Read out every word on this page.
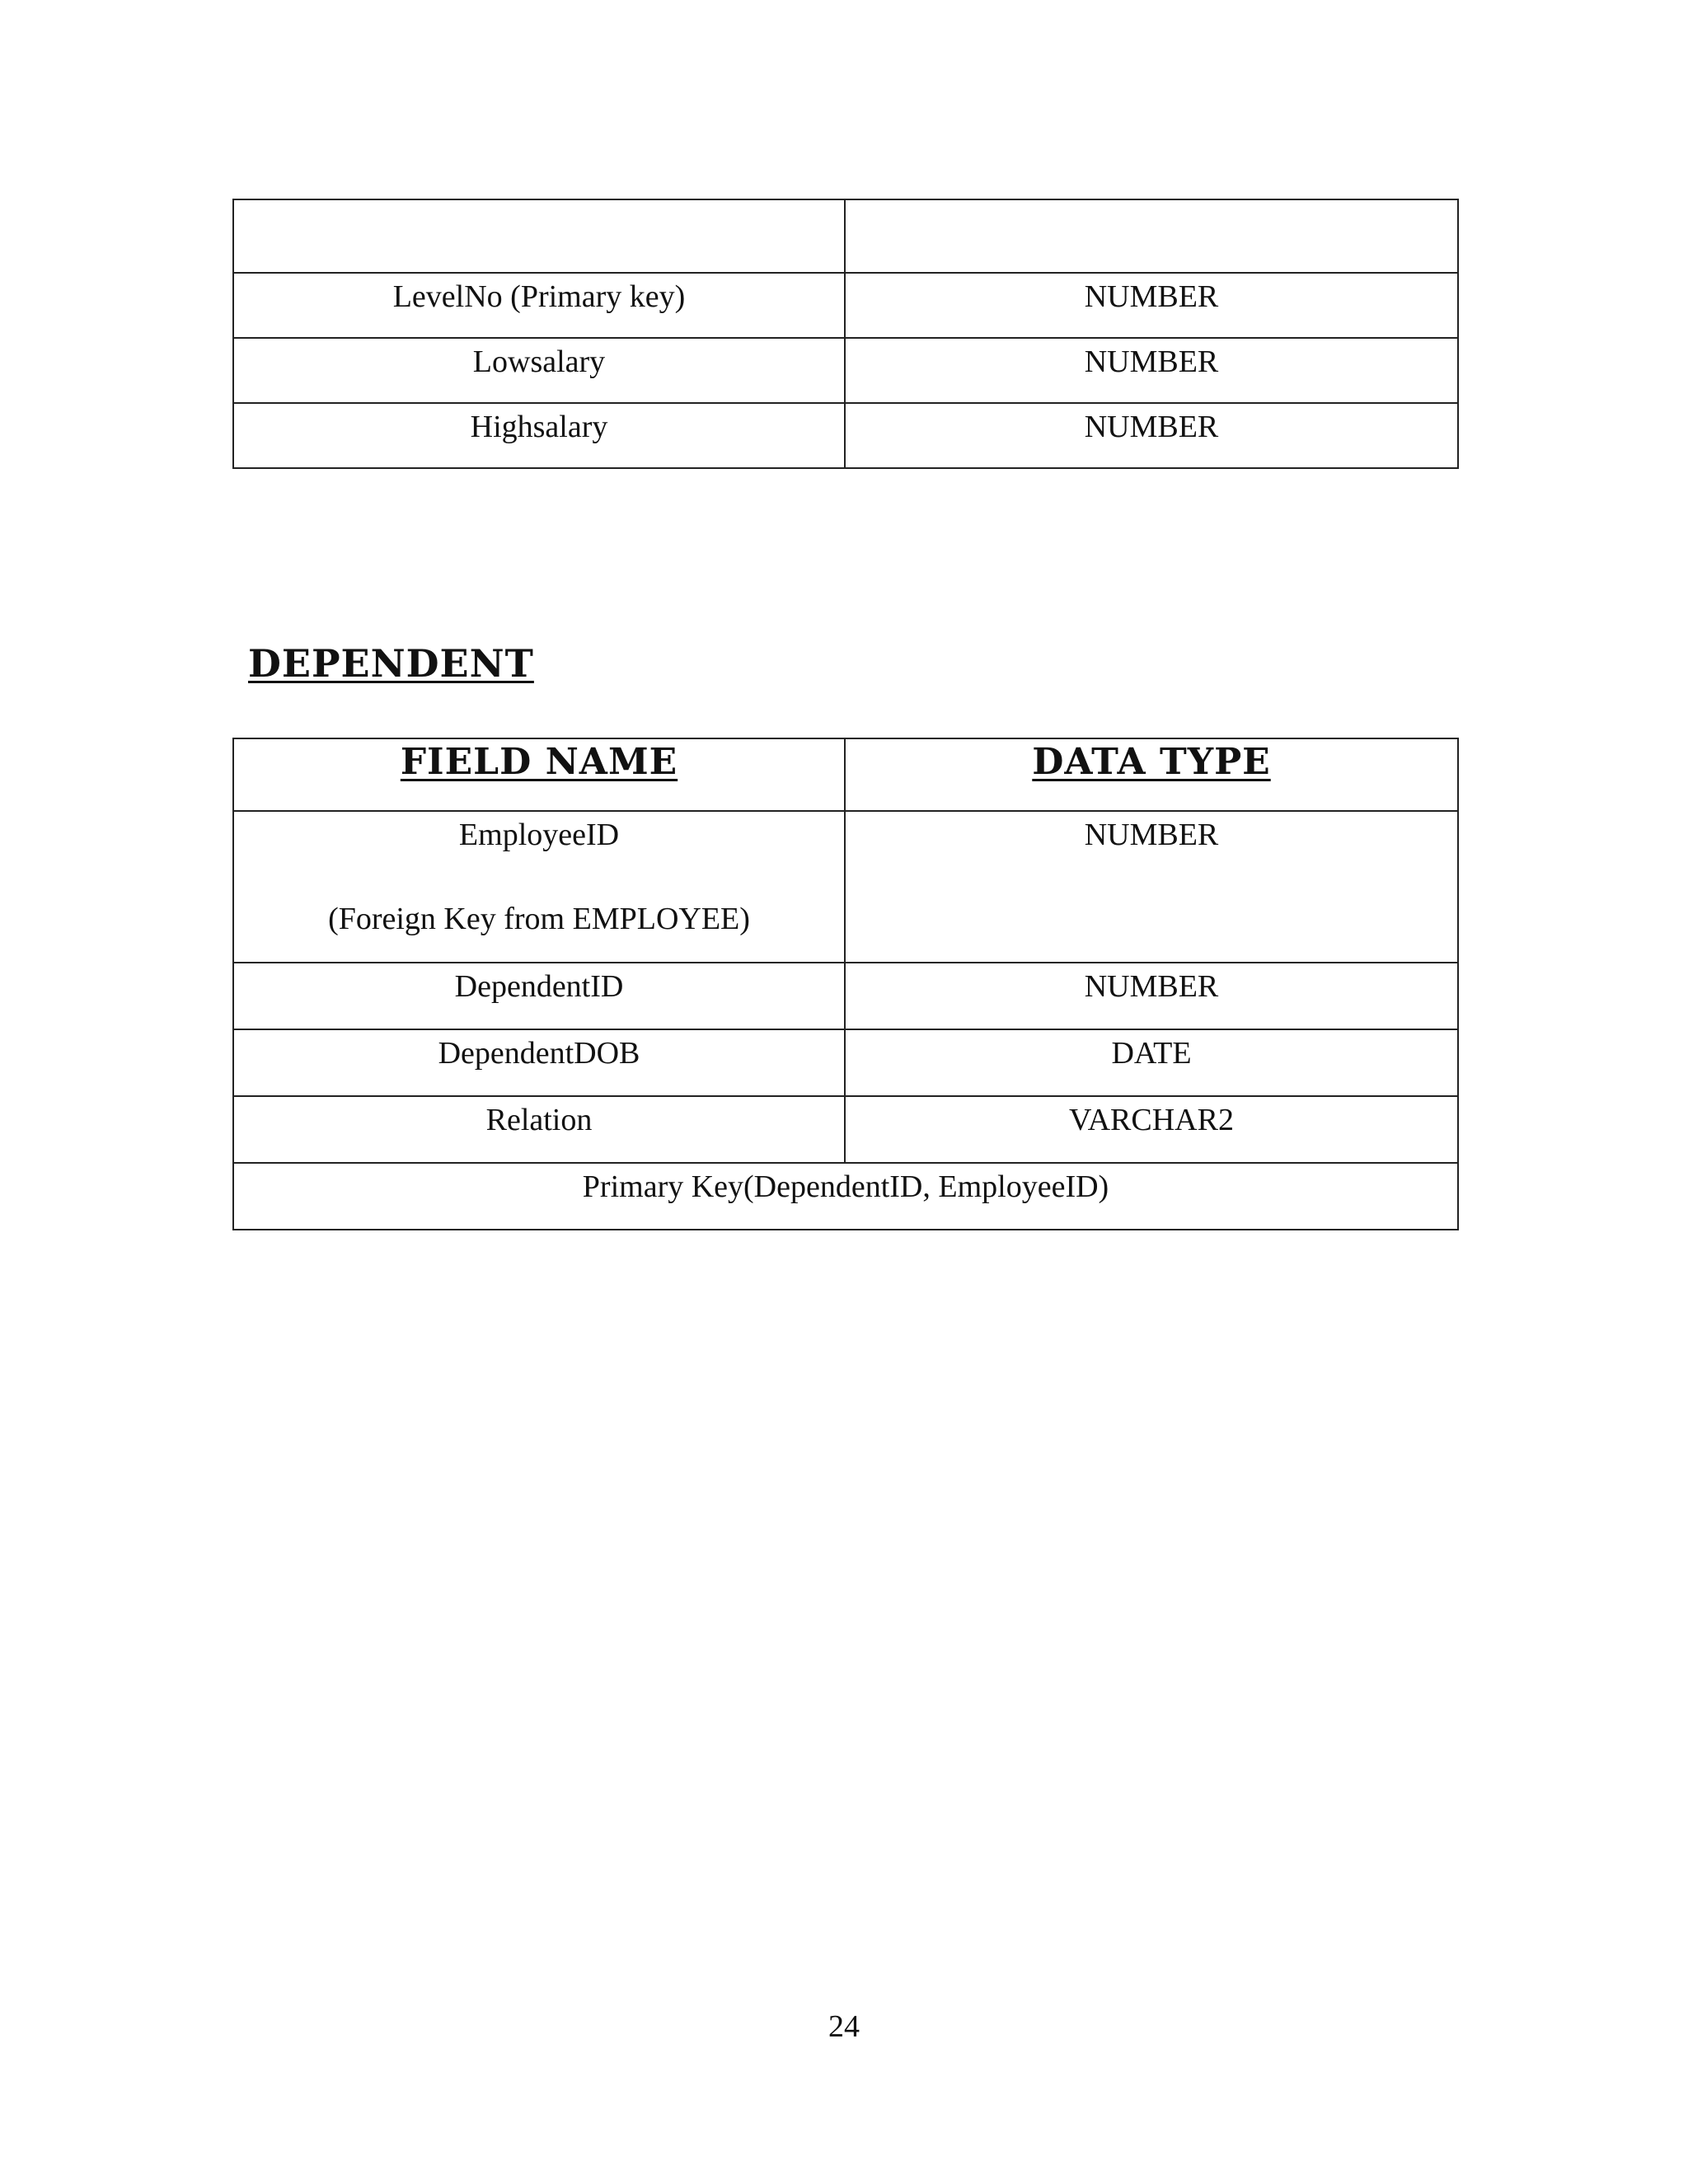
LevelNo (Primary key)	NUMBER
Lowsalary	NUMBER
Highsalary	NUMBER
DEPENDENT
FIELD NAME	DATA TYPE
EmployeeID
(Foreign Key from EMPLOYEE)	NUMBER
DependentID	NUMBER
DependentDOB	DATE
Relation	VARCHAR2
Primary Key(DependentID, EmployeeID)	
24
